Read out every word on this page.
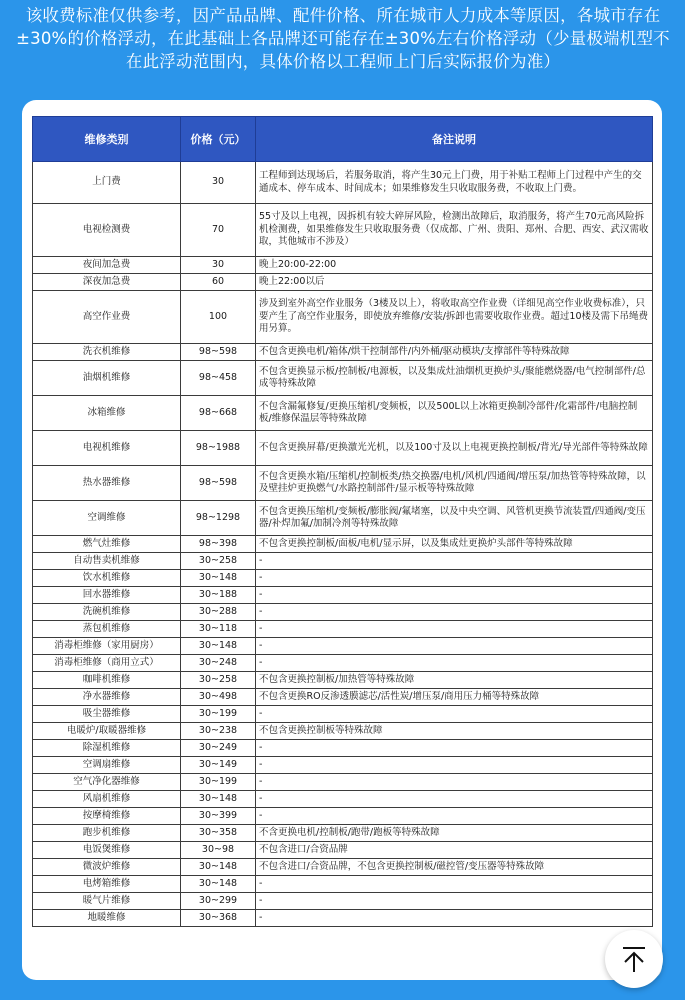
该收费标准仅供参考，因产品品牌、配件价格、所在城市人力成本等原因，各城市存在±30%的价格浮动，在此基础上各品牌还可能存在±30%左右价格浮动（少量极端机型不在此浮动范围内，具体价格以工程师上门后实际报价为准）
维修类别	价格（元）	备注说明
上门费	30	工程师到达现场后，若服务取消，将产生30元上门费，用于补贴工程师上门过程中产生的交通成本、停车成本、时间成本；如果维修发生只收取服务费，不收取上门费。
电视检测费	70	55寸及以上电视，因拆机有较大碎屏风险，检测出故障后，取消服务，将产生70元高风险拆机检测费，如果维修发生只收取服务费（仅成都、广州、贵阳、郑州、合肥、西安、武汉需收取，其他城市不涉及）
夜间加急费	30	晚上20:00-22:00
深夜加急费	60	晚上22:00以后
高空作业费	100	涉及到室外高空作业服务（3楼及以上），将收取高空作业费（详细见高空作业收费标准），只要产生了高空作业服务，即使放弃维修/安装/拆卸也需要收取作业费。超过10楼及需下吊绳费用另算。
洗衣机维修	98~598	不包含更换电机/箱体/烘干控制部件/内外桶/驱动模块/支撑部件等特殊故障
油烟机维修	98~458	不包含更换显示板/控制板/电源板，以及集成灶油烟机更换炉头/聚能燃烧器/电气控制部件/总成等特殊故障
冰箱维修	98~668	不包含漏氟修复/更换压缩机/变频板，以及500L以上冰箱更换制冷部件/化霜部件/电脑控制板/维修保温层等特殊故障
电视机维修	98~1988	不包含更换屏幕/更换激光光机，以及100寸及以上电视更换控制板/背光/导光部件等特殊故障
热水器维修	98~598	不包含更换水箱/压缩机/控制板类/热交换器/电机/风机/四通阀/增压泵/加热管等特殊故障，以及壁挂炉更换燃气/水路控制部件/显示板等特殊故障
空调维修	98~1298	不包含更换压缩机/变频板/膨胀阀/氟堵塞，以及中央空调、风管机更换节流装置/四通阀/变压器/补焊加氟/加制冷剂等特殊故障
燃气灶维修	98~398	不包含更换控制板/面板/电机/显示屏，以及集成灶更换炉头部件等特殊故障
自动售卖机维修	30~258	-
饮水机维修	30~148	-
回水器维修	30~188	-
洗碗机维修	30~288	-
蒸包机维修	30~118	-
消毒柜维修（家用厨房）	30~148	-
消毒柜维修（商用立式）	30~248	-
咖啡机维修	30~258	不包含更换控制板/加热管等特殊故障
净水器维修	30~498	不包含更换RO反渗透膜滤芯/活性炭/增压泵/商用压力桶等特殊故障
吸尘器维修	30~199	-
电暖炉/取暖器维修	30~238	不包含更换控制板等特殊故障
除湿机维修	30~249	-
空调扇维修	30~149	-
空气净化器维修	30~199	-
风扇机维修	30~148	-
按摩椅维修	30~399	-
跑步机维修	30~358	不含更换电机/控制板/跑带/跑板等特殊故障
电饭煲维修	30~98	不包含进口/合资品牌
微波炉维修	30~148	不包含进口/合资品牌，不包含更换控制板/磁控管/变压器等特殊故障
电烤箱维修	30~148	-
暖气片维修	30~299	-
地暖维修	30~368	-
